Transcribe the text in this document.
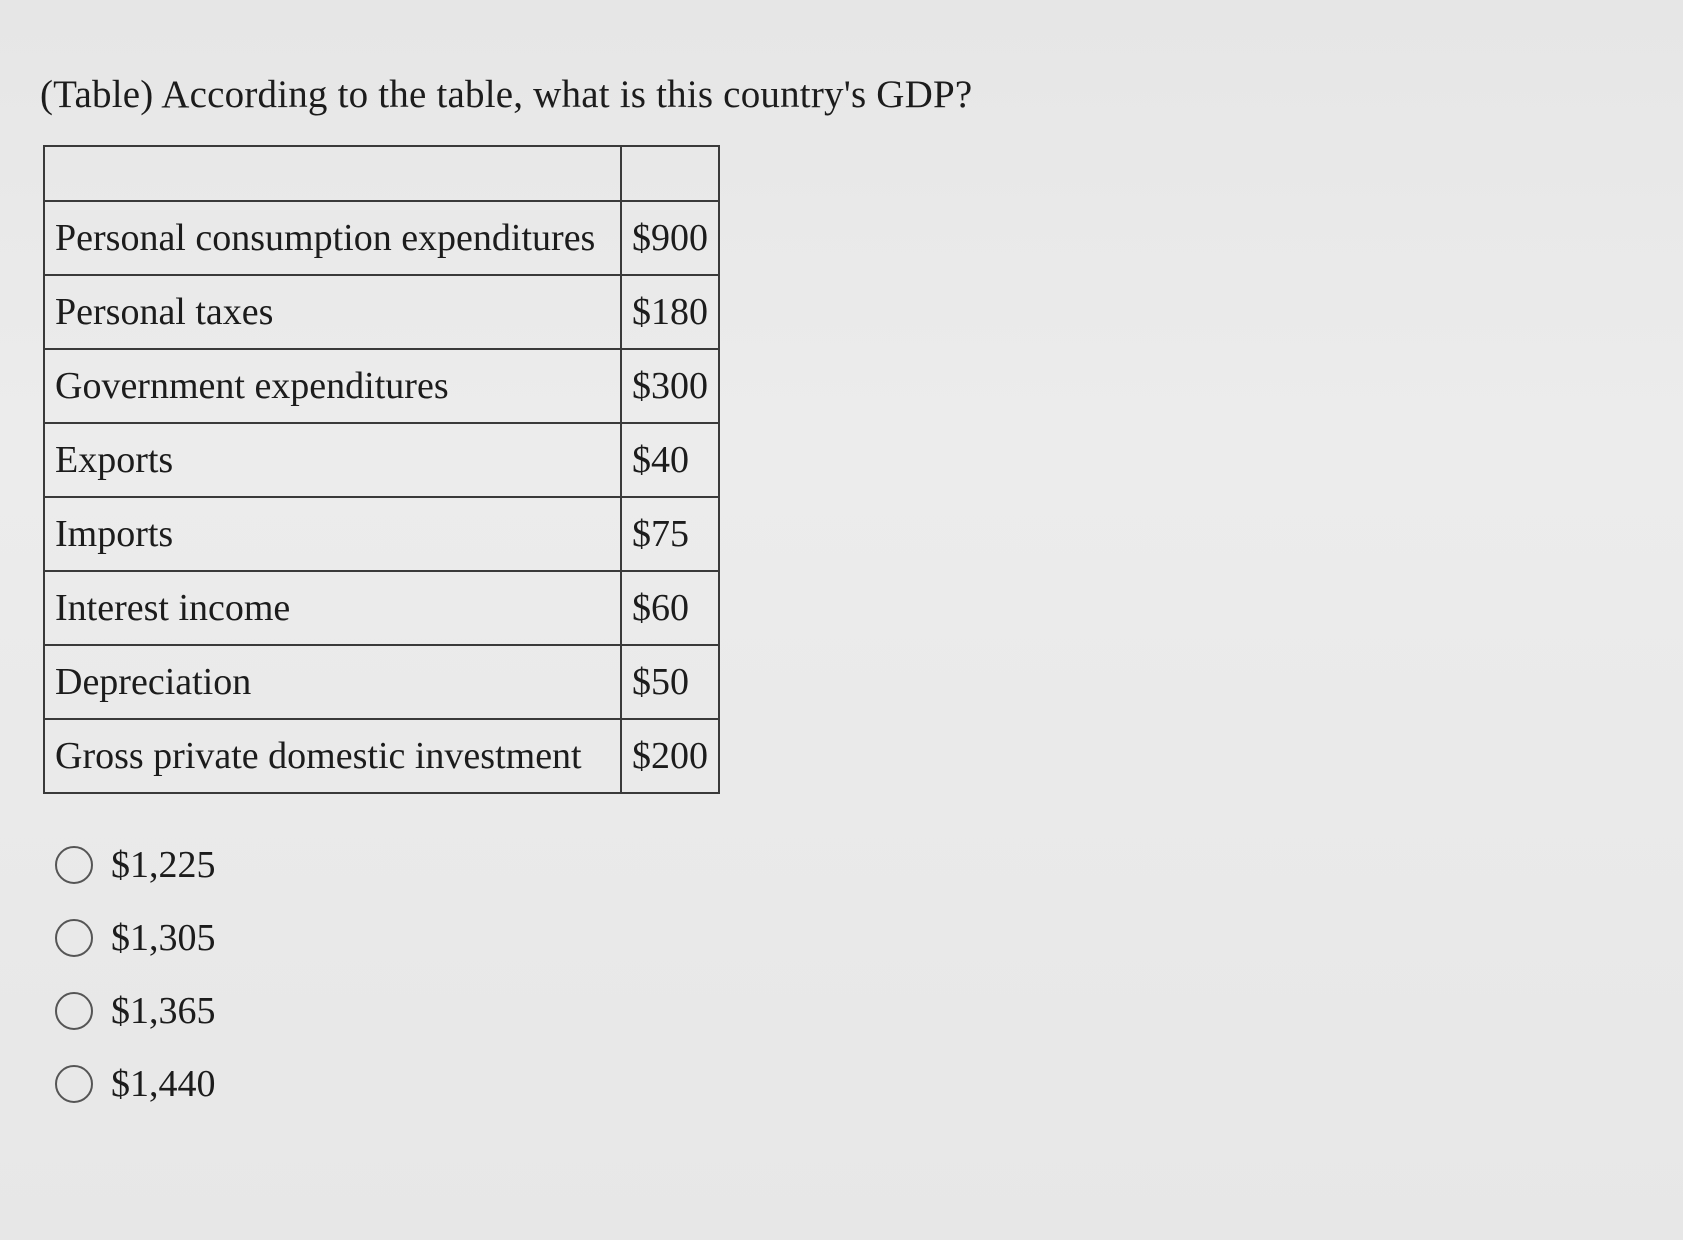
(Table) According to the table, what is this country's GDP?

Personal consumption expenditures	$900
Personal taxes	$180
Government expenditures	$300
Exports	$40
Imports	$75
Interest income	$60
Depreciation	$50
Gross private domestic investment	$200
$1,225
$1,305
$1,365
$1,440
